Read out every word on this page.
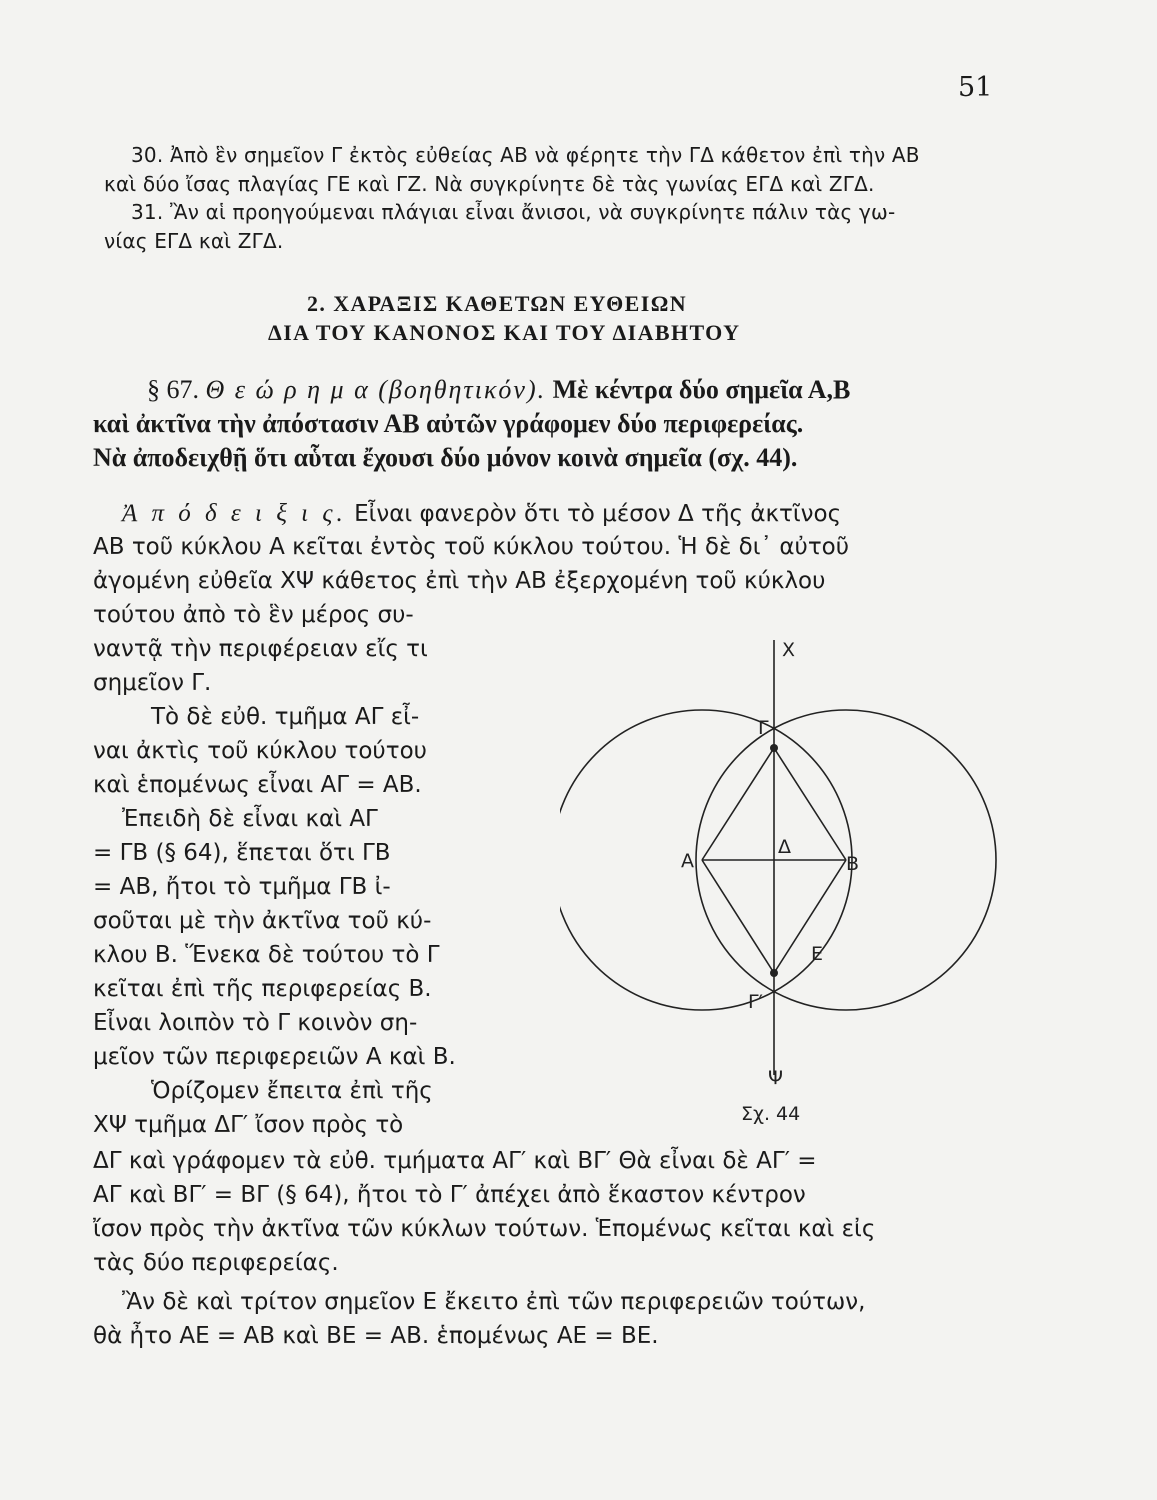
51
30. Ἀπὸ ἓν σημεῖον Γ ἐκτὸς εὐθείας ΑΒ νὰ φέρητε τὴν ΓΔ κάθετον ἐπὶ τὴν ΑΒ
καὶ δύο ἴσας πλαγίας ΓΕ καὶ ΓΖ. Νὰ συγκρίνητε δὲ τὰς γωνίας ΕΓΔ καὶ ΖΓΔ.
31. Ἂν αἱ προηγούμεναι πλάγιαι εἶναι ἄνισοι, νὰ συγκρίνητε πάλιν τὰς γω-
νίας ΕΓΔ καὶ ΖΓΔ.
2. ΧΑΡΑΞΙΣ ΚΑΘΕΤΩΝ ΕΥΘΕΙΩΝ
ΔΙΑ ΤΟΥ ΚΑΝΟΝΟΣ ΚΑΙ ΤΟΥ ΔΙΑΒΗΤΟΥ
§ 67. Θ ε ώ ρ η μ α (βοηθητικόν). Μὲ κέντρα δύο σημεῖα Α,Β
καὶ ἀκτῖνα τὴν ἀπόστασιν ΑΒ αὐτῶν γράφομεν δύο περιφερείας.
Νὰ ἀποδειχθῇ ὅτι αὗται ἔχουσι δύο μόνον κοινὰ σημεῖα (σχ. 44).
Ἀ π ό δ ε ι ξ ι ς. Εἶναι φανερὸν ὅτι τὸ μέσον Δ τῆς ἀκτῖνος
ΑΒ τοῦ κύκλου Α κεῖται ἐντὸς τοῦ κύκλου τούτου. Ἡ δὲ δι᾽ αὐτοῦ
ἀγομένη εὐθεῖα ΧΨ κάθετος ἐπὶ τὴν ΑΒ ἐξερχομένη τοῦ κύκλου
τούτου ἀπὸ τὸ ἓν μέρος συ-
ναντᾷ τὴν περιφέρειαν εἴς τι
σημεῖον Γ.
Τὸ δὲ εὐθ. τμῆμα ΑΓ εἶ-
ναι ἀκτὶς τοῦ κύκλου τούτου
καὶ ἑπομένως εἶναι ΑΓ = ΑΒ.
Ἐπειδὴ δὲ εἶναι καὶ ΑΓ
= ΓΒ (§ 64), ἕπεται ὅτι ΓΒ
= ΑΒ, ἤτοι τὸ τμῆμα ΓΒ ἰ-
σοῦται μὲ τὴν ἀκτῖνα τοῦ κύ-
κλου Β. Ἕνεκα δὲ τούτου τὸ Γ
κεῖται ἐπὶ τῆς περιφερείας Β.
Εἶναι λοιπὸν τὸ Γ κοινὸν ση-
μεῖον τῶν περιφερειῶν Α καὶ Β.
Ὁρίζομεν ἔπειτα ἐπὶ τῆς
ΧΨ τμῆμα ΔΓ′ ἴσον πρὸς τὸ
ΔΓ καὶ γράφομεν τὰ εὐθ. τμήματα ΑΓ′ καὶ ΒΓ′ Θὰ εἶναι δὲ ΑΓ′ =
ΑΓ καὶ ΒΓ′ = ΒΓ (§ 64), ἤτοι τὸ Γ′ ἀπέχει ἀπὸ ἕκαστον κέντρον
ἴσον πρὸς τὴν ἀκτῖνα τῶν κύκλων τούτων. Ἑπομένως κεῖται καὶ εἰς
τὰς δύο περιφερείας.
Ἂν δὲ καὶ τρίτον σημεῖον Ε ἔκειτο ἐπὶ τῶν περιφερειῶν τούτων,
θὰ ἦτο ΑΕ = ΑΒ καὶ ΒΕ = ΑΒ. ἑπομένως ΑΕ = ΒΕ.
Χ
Γ
Α
Δ
Β
Ε
Γ′
Ψ
Σχ. 44
